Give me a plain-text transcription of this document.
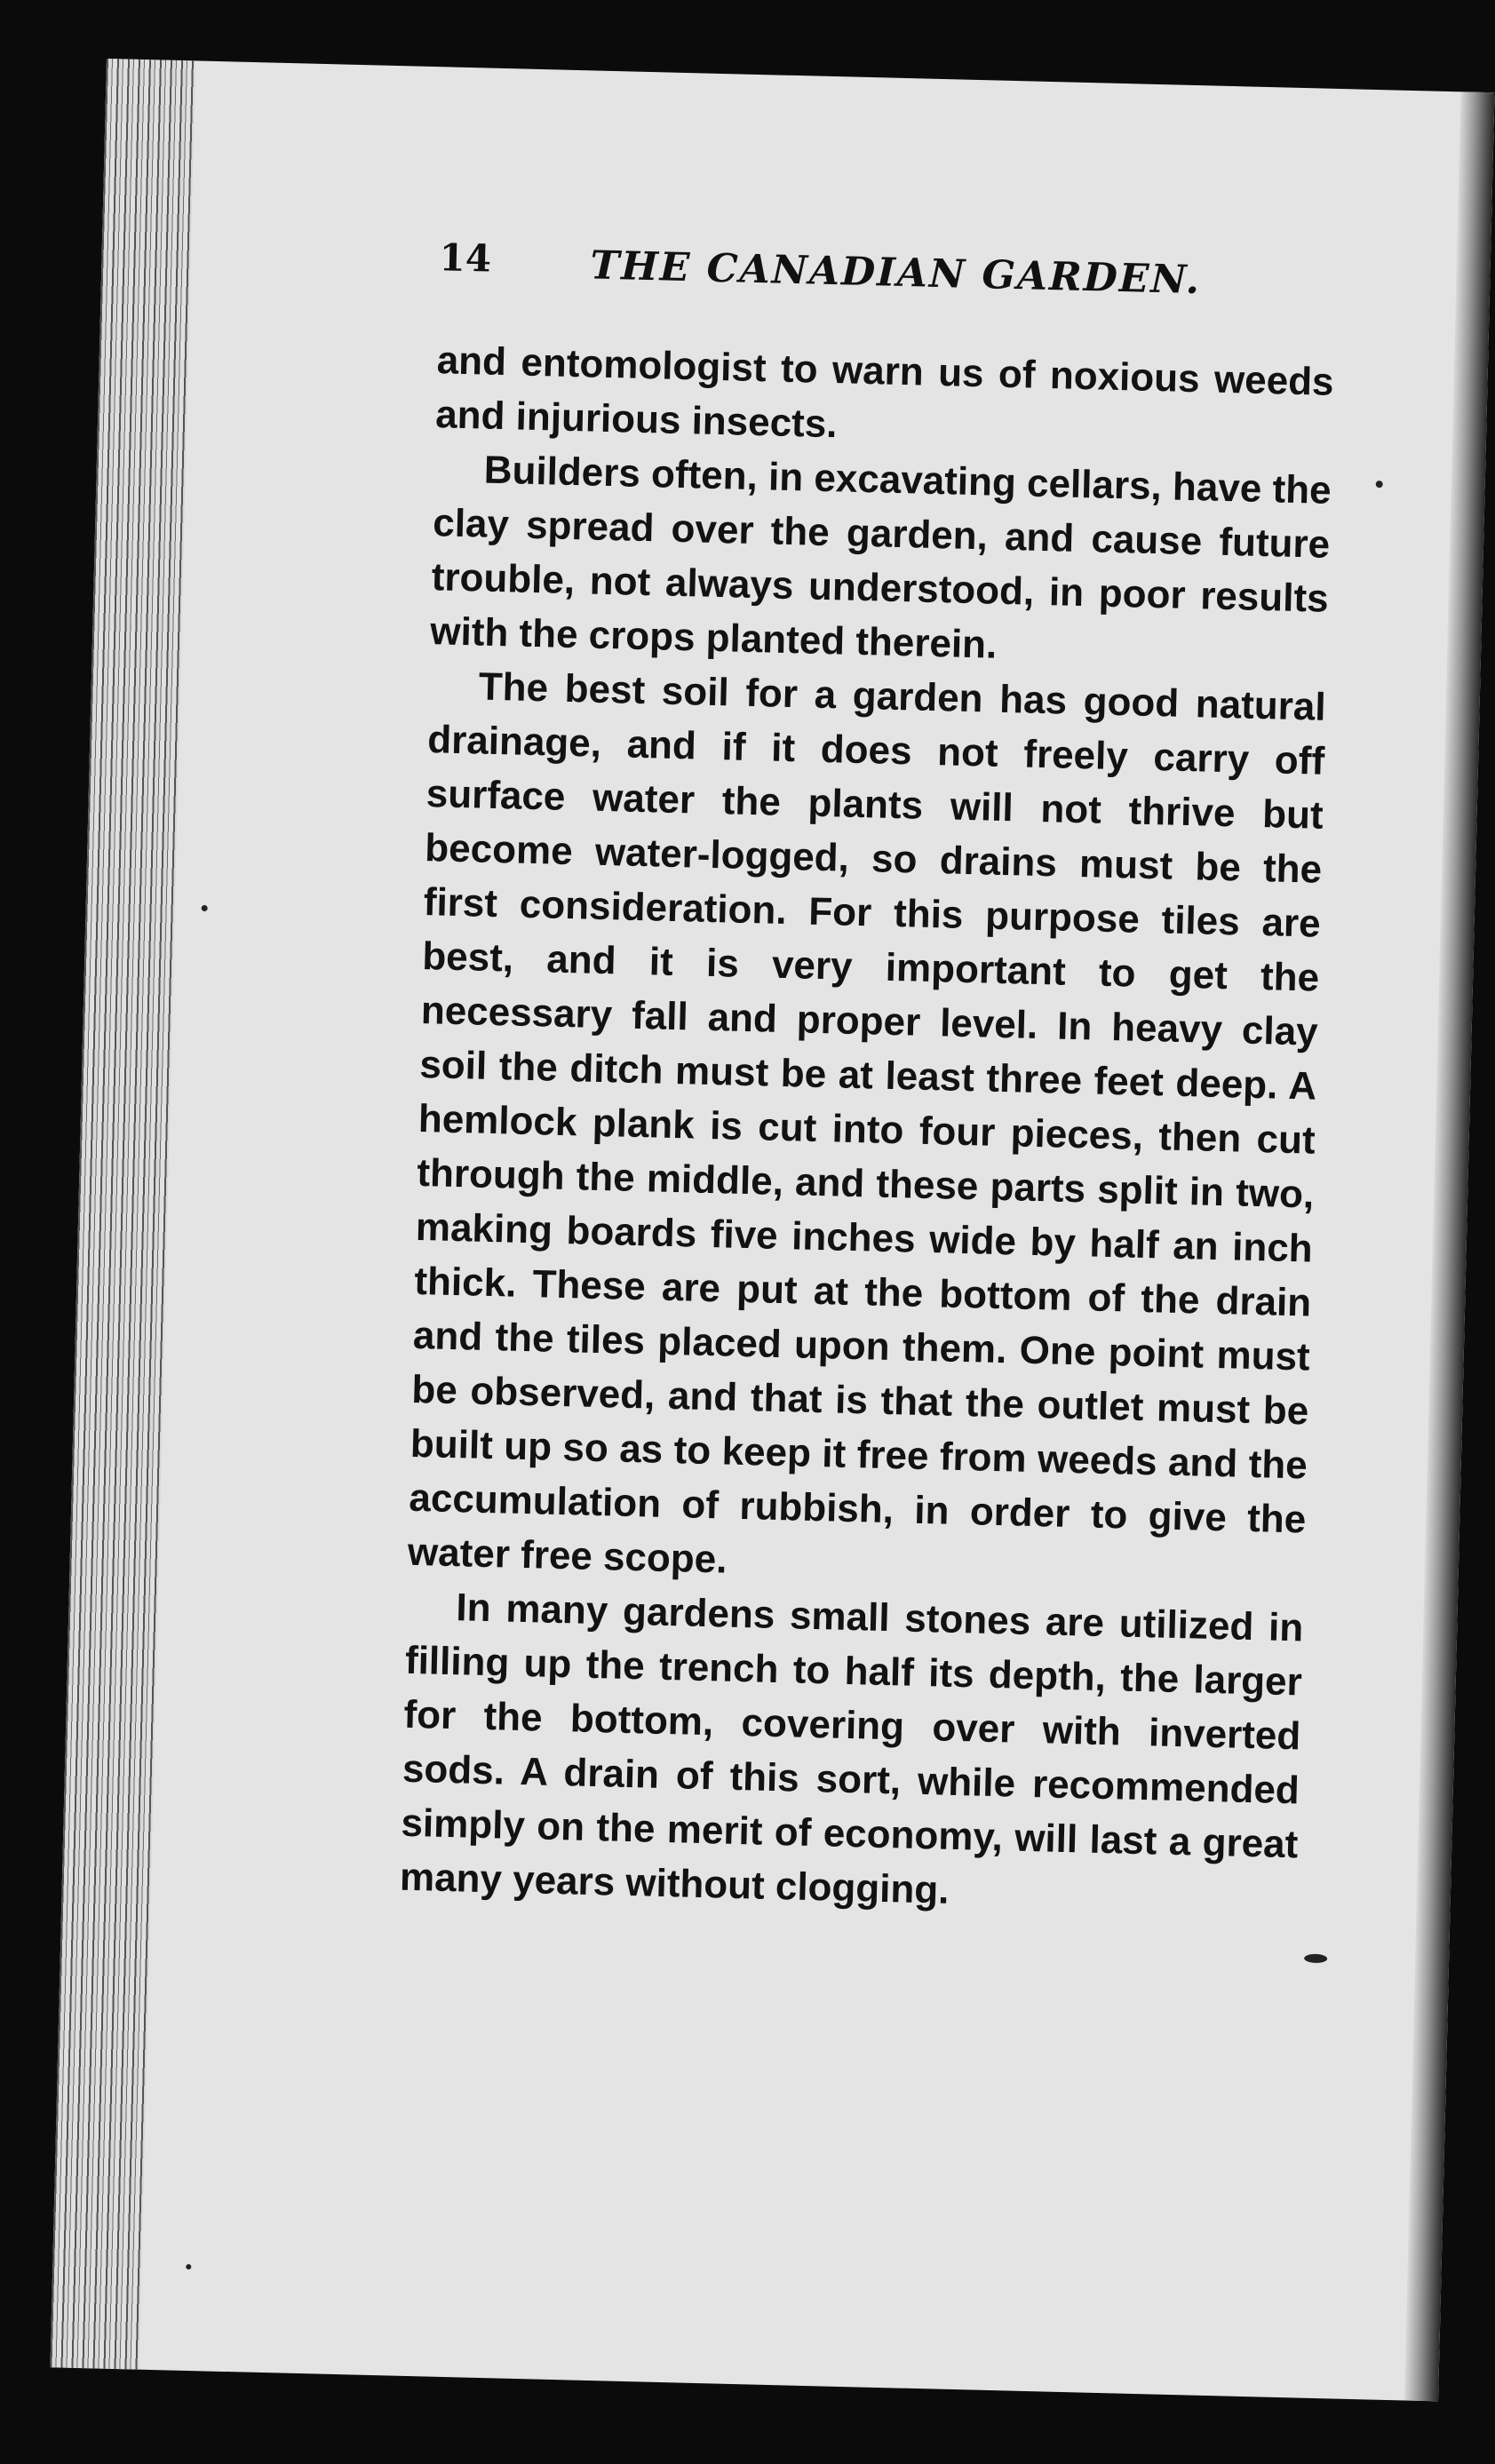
14	THE CANADIAN GARDEN.

and entomologist to warn us of noxious weeds and injurious insects.

Builders often, in excavating cellars, have the clay spread over the garden, and cause future trouble, not always understood, in poor results with the crops planted therein.

The best soil for a garden has good natural drainage, and if it does not freely carry off surface water the plants will not thrive but become water-logged, so drains must be the first consideration. For this purpose tiles are best, and it is very important to get the necessary fall and proper level. In heavy clay soil the ditch must be at least three feet deep. A hemlock plank is cut into four pieces, then cut through the middle, and these parts split in two, making boards five inches wide by half an inch thick. These are put at the bottom of the drain and the tiles placed upon them. One point must be observed, and that is that the outlet must be built up so as to keep it free from weeds and the accumulation of rubbish, in order to give the water free scope.

In many gardens small stones are utilized in filling up the trench to half its depth, the larger for the bottom, covering over with inverted sods. A drain of this sort, while recommended simply on the merit of economy, will last a great many years without clogging.
